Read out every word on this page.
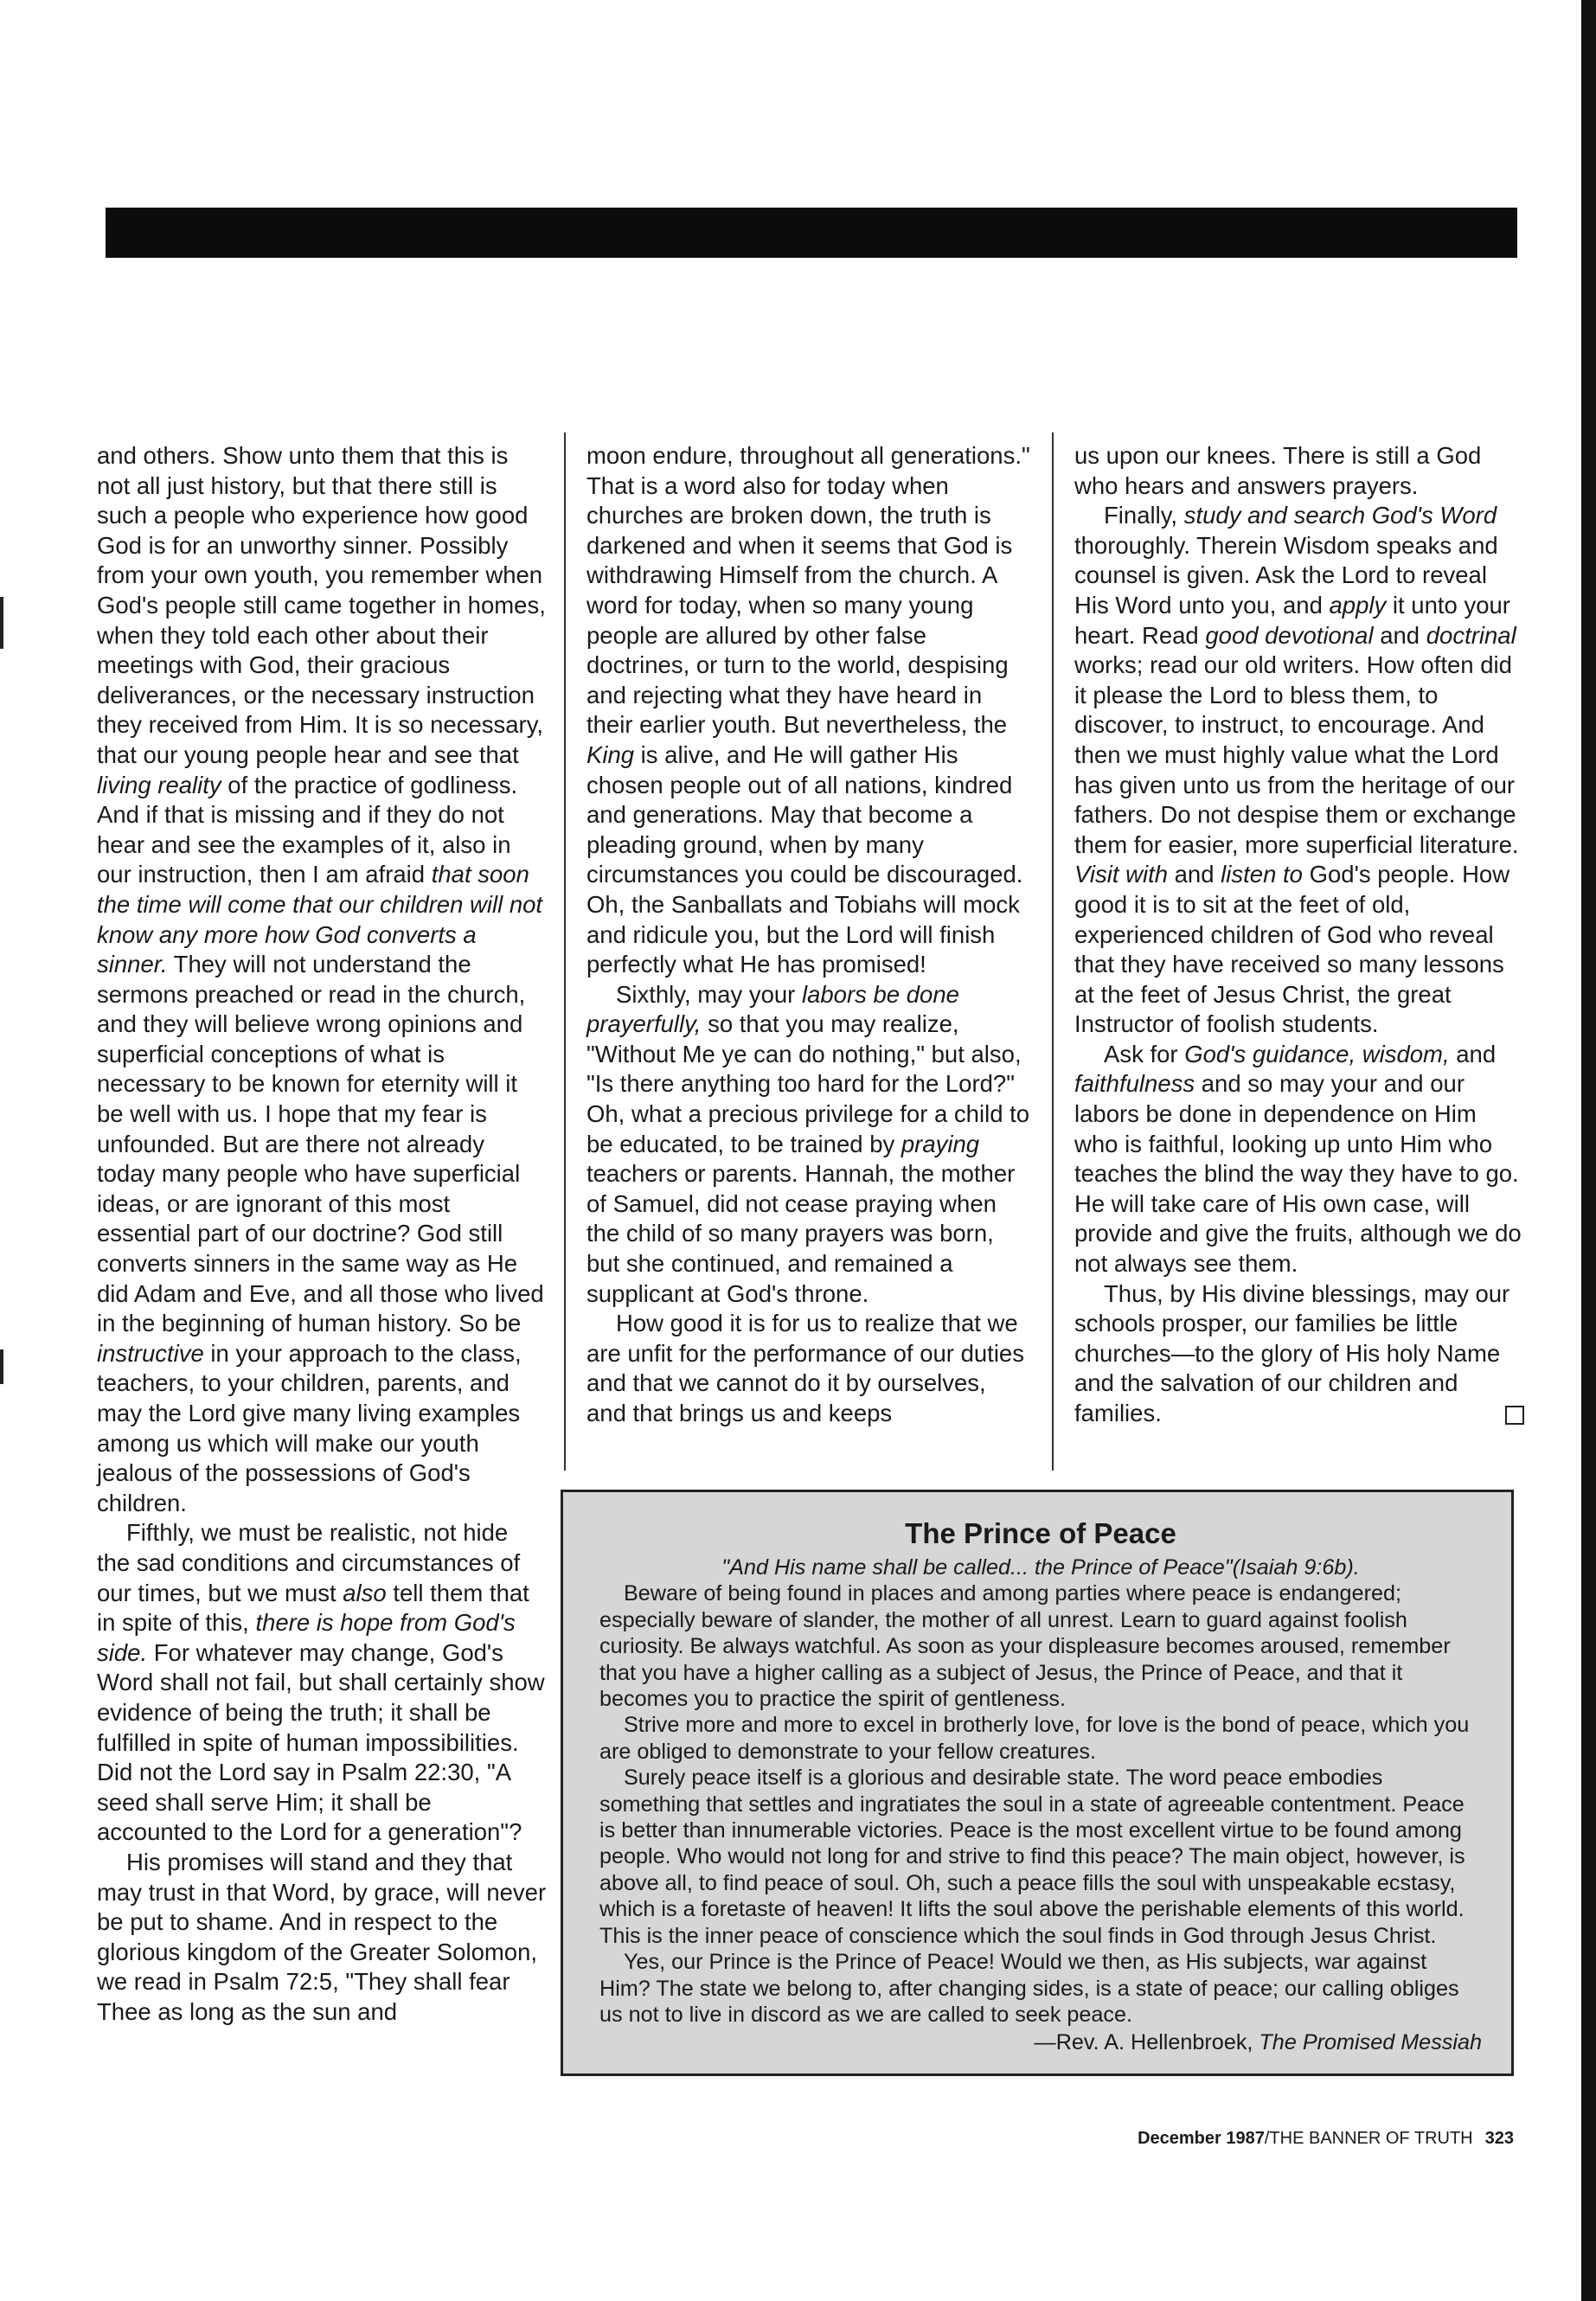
and others. Show unto them that this is not all just history, but that there still is such a people who experience how good God is for an unworthy sinner. Possibly from your own youth, you remember when God's people still came together in homes, when they told each other about their meetings with God, their gracious deliverances, or the necessary instruction they received from Him. It is so necessary, that our young people hear and see that living reality of the practice of godliness. And if that is missing and if they do not hear and see the examples of it, also in our instruction, then I am afraid that soon the time will come that our children will not know any more how God converts a sinner. They will not understand the sermons preached or read in the church, and they will believe wrong opinions and superficial conceptions of what is necessary to be known for eternity will it be well with us. I hope that my fear is unfounded. But are there not already today many people who have superficial ideas, or are ignorant of this most essential part of our doctrine? God still converts sinners in the same way as He did Adam and Eve, and all those who lived in the beginning of human history. So be instructive in your approach to the class, teachers, to your children, parents, and may the Lord give many living examples among us which will make our youth jealous of the possessions of God's children.

Fifthly, we must be realistic, not hide the sad conditions and circumstances of our times, but we must also tell them that in spite of this, there is hope from God's side. For whatever may change, God's Word shall not fail, but shall certainly show evidence of being the truth; it shall be fulfilled in spite of human impossibilities. Did not the Lord say in Psalm 22:30, "A seed shall serve Him; it shall be accounted to the Lord for a generation"?

His promises will stand and they that may trust in that Word, by grace, will never be put to shame. And in respect to the glorious kingdom of the Greater Solomon, we read in Psalm 72:5, "They shall fear Thee as long as the sun and

moon endure, throughout all generations." That is a word also for today when churches are broken down, the truth is darkened and when it seems that God is withdrawing Himself from the church. A word for today, when so many young people are allured by other false doctrines, or turn to the world, despising and rejecting what they have heard in their earlier youth. But nevertheless, the King is alive, and He will gather His chosen people out of all nations, kindred and generations. May that become a pleading ground, when by many circumstances you could be discouraged. Oh, the Sanballats and Tobiahs will mock and ridicule you, but the Lord will finish perfectly what He has promised!

Sixthly, may your labors be done prayerfully, so that you may realize, "Without Me ye can do nothing," but also, "Is there anything too hard for the Lord?" Oh, what a precious privilege for a child to be educated, to be trained by praying teachers or parents. Hannah, the mother of Samuel, did not cease praying when the child of so many prayers was born, but she continued, and remained a supplicant at God's throne.

How good it is for us to realize that we are unfit for the performance of our duties and that we cannot do it by ourselves, and that brings us and keeps

us upon our knees. There is still a God who hears and answers prayers.

Finally, study and search God's Word thoroughly. Therein Wisdom speaks and counsel is given. Ask the Lord to reveal His Word unto you, and apply it unto your heart. Read good devotional and doctrinal works; read our old writers. How often did it please the Lord to bless them, to discover, to instruct, to encourage. And then we must highly value what the Lord has given unto us from the heritage of our fathers. Do not despise them or exchange them for easier, more superficial literature. Visit with and listen to God's people. How good it is to sit at the feet of old, experienced children of God who reveal that they have received so many lessons at the feet of Jesus Christ, the great Instructor of foolish students.

Ask for God's guidance, wisdom, and faithfulness and so may your and our labors be done in dependence on Him who is faithful, looking up unto Him who teaches the blind the way they have to go. He will take care of His own case, will provide and give the fruits, although we do not always see them.

Thus, by His divine blessings, may our schools prosper, our families be little churches—to the glory of His holy Name and the salvation of our children and families.

The Prince of Peace

"And His name shall be called... the Prince of Peace"(Isaiah 9:6b).

Beware of being found in places and among parties where peace is endangered; especially beware of slander, the mother of all unrest. Learn to guard against foolish curiosity. Be always watchful. As soon as your displeasure becomes aroused, remember that you have a higher calling as a subject of Jesus, the Prince of Peace, and that it becomes you to practice the spirit of gentleness.

Strive more and more to excel in brotherly love, for love is the bond of peace, which you are obliged to demonstrate to your fellow creatures.

Surely peace itself is a glorious and desirable state. The word peace embodies something that settles and ingratiates the soul in a state of agreeable contentment. Peace is better than innumerable victories. Peace is the most excellent virtue to be found among people. Who would not long for and strive to find this peace? The main object, however, is above all, to find peace of soul. Oh, such a peace fills the soul with unspeakable ecstasy, which is a foretaste of heaven! It lifts the soul above the perishable elements of this world. This is the inner peace of conscience which the soul finds in God through Jesus Christ.

Yes, our Prince is the Prince of Peace! Would we then, as His subjects, war against Him? The state we belong to, after changing sides, is a state of peace; our calling obliges us not to live in discord as we are called to seek peace.

—Rev. A. Hellenbroek, The Promised Messiah
December 1987/THE BANNER OF TRUTH 323
